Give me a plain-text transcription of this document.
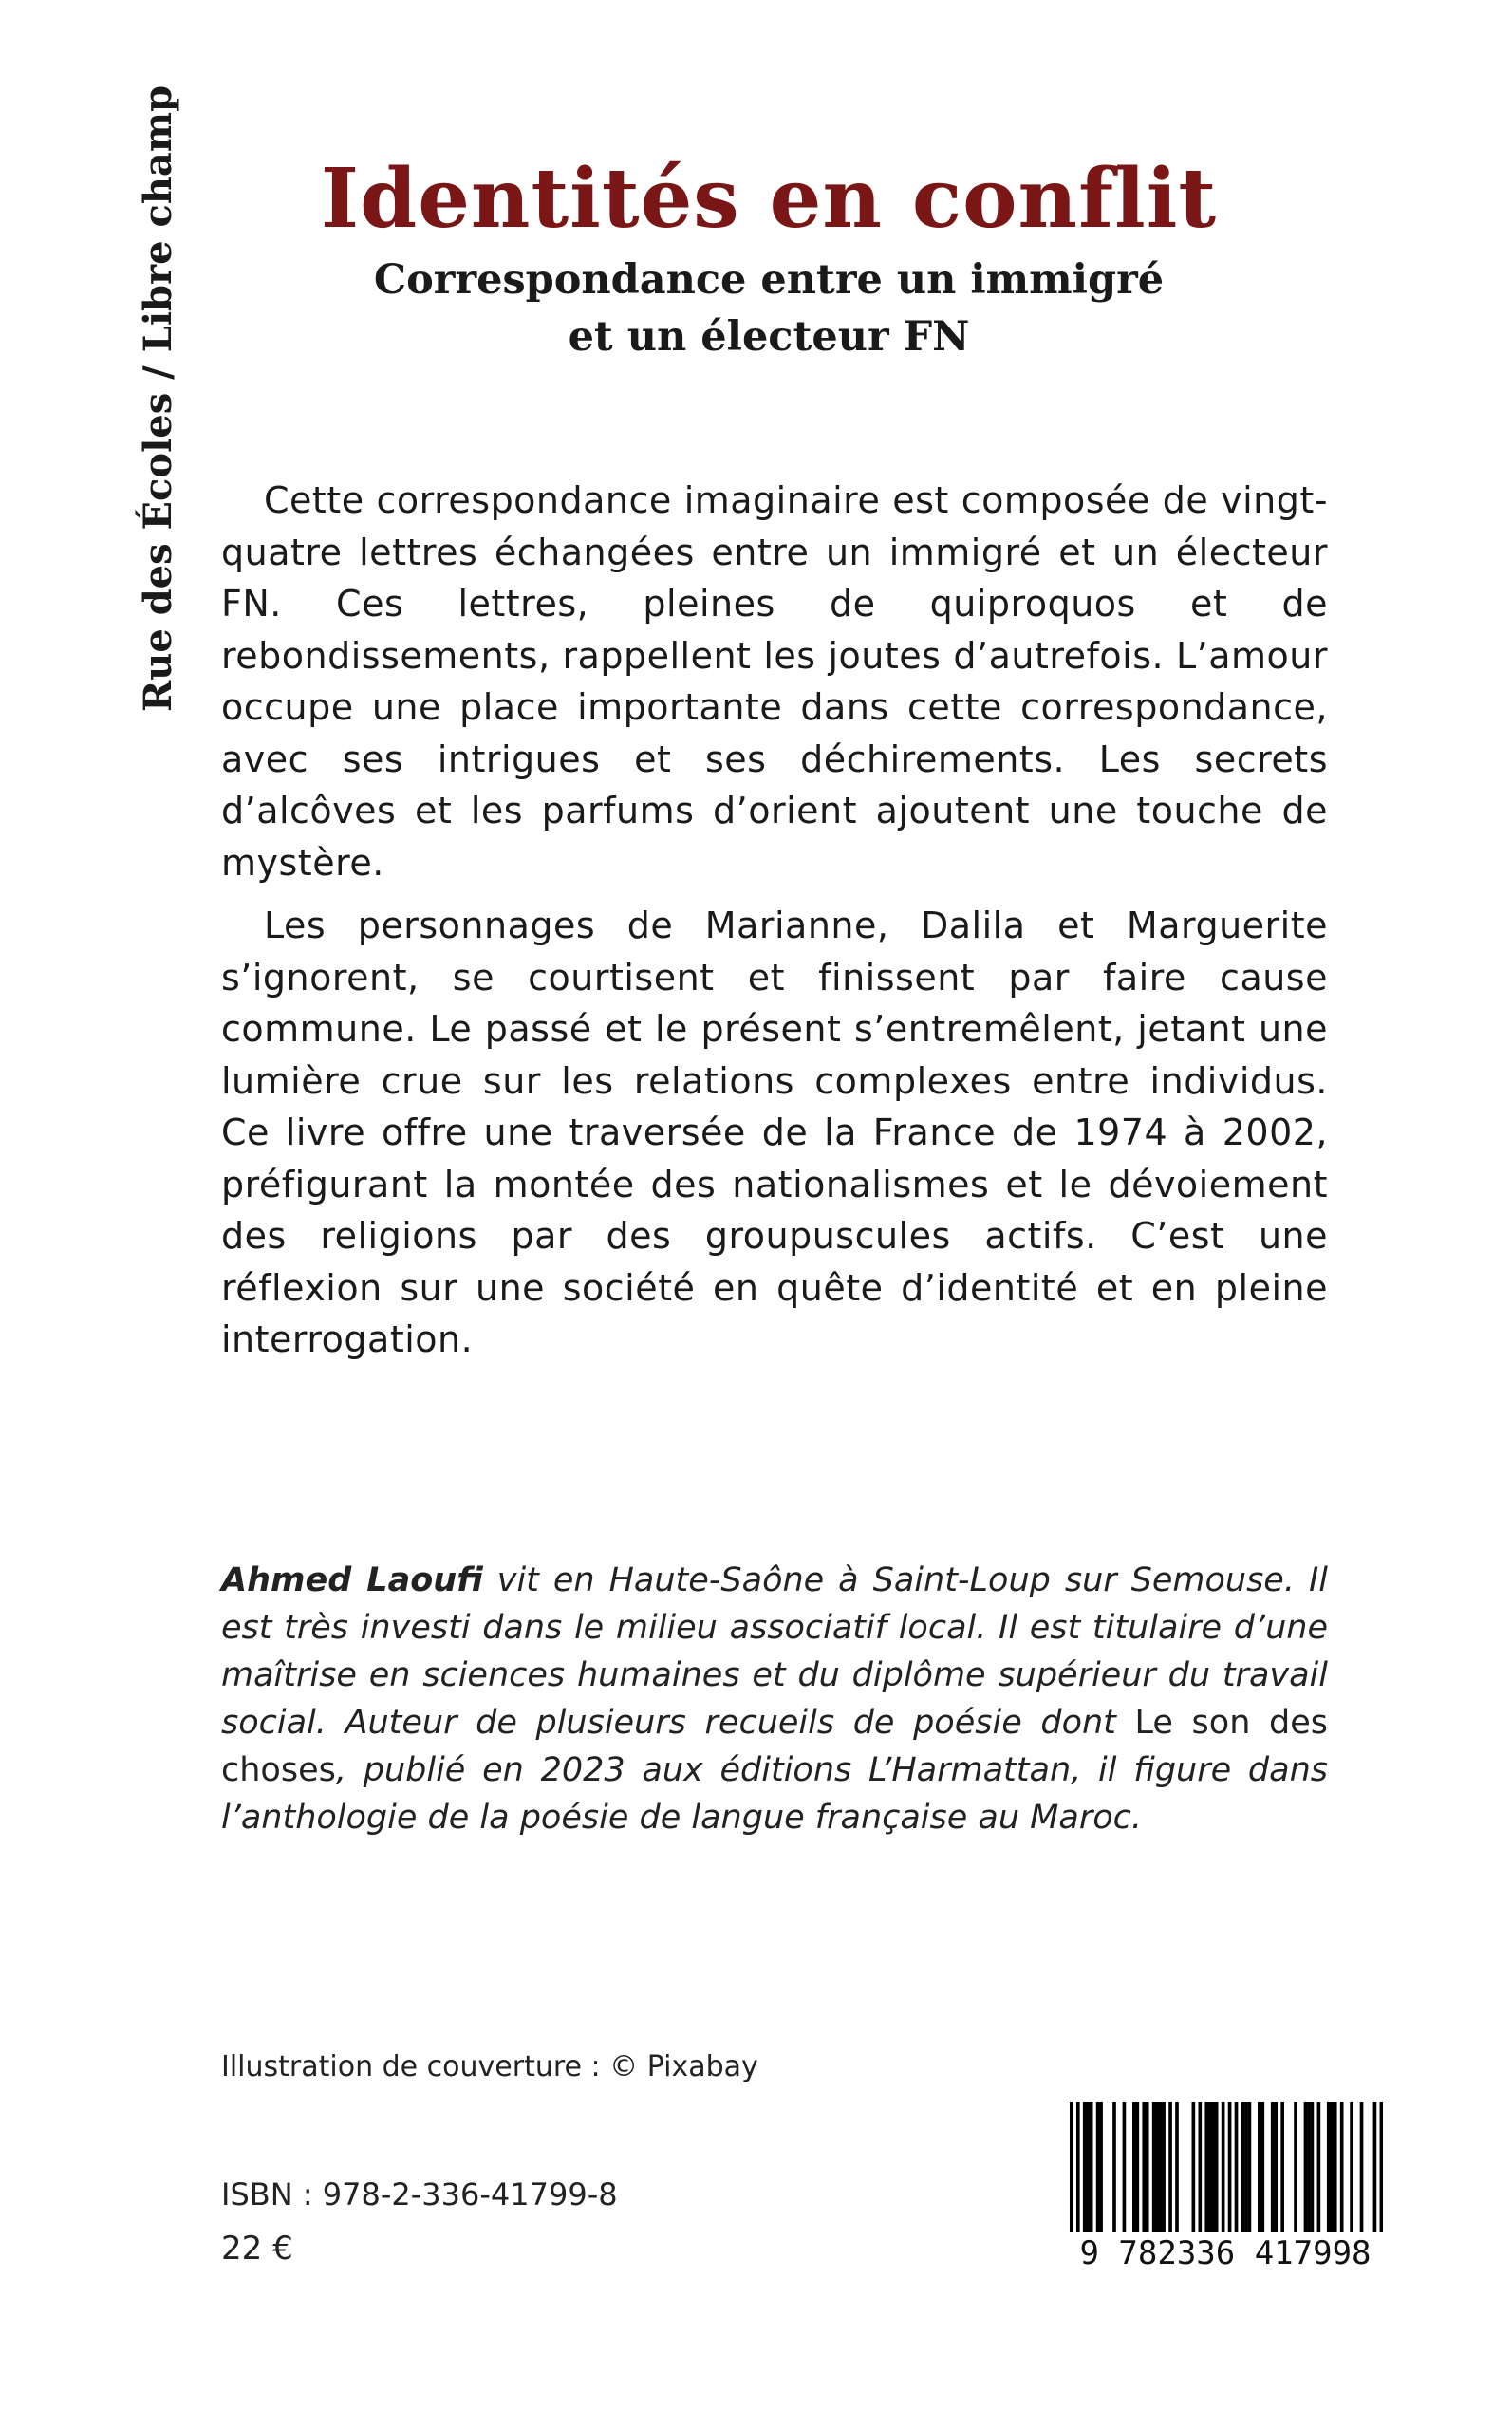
Rue des Écoles / Libre champ	Identités en conflit
Correspondance entre un immigré
et un électeur FN

Cette correspondance imaginaire est composée de vingt-quatre lettres échangées entre un immigré et un électeur FN. Ces lettres, pleines de quiproquos et de rebondissements, rappellent les joutes d’autrefois. L’amour occupe une place importante dans cette correspondance, avec ses intrigues et ses déchirements. Les secrets d’alcôves et les parfums d’orient ajoutent une touche de mystère.

Les personnages de Marianne, Dalila et Marguerite s’ignorent, se courtisent et finissent par faire cause commune. Le passé et le présent s’entremêlent, jetant une lumière crue sur les relations complexes entre individus. Ce livre offre une traversée de la France de 1974 à 2002, préfigurant la montée des nationalismes et le dévoiement des religions par des groupuscules actifs. C’est une réflexion sur une société en quête d’identité et en pleine interrogation.

Ahmed Laoufi vit en Haute-Saône à Saint-Loup sur Semouse. Il est très investi dans le milieu associatif local. Il est titulaire d’une maîtrise en sciences humaines et du diplôme supérieur du travail social. Auteur de plusieurs recueils de poésie dont Le son des choses, publié en 2023 aux éditions L’Harmattan, il figure dans l’anthologie de la poésie de langue française au Maroc.
Illustration de couverture : © Pixabay
ISBN : 978-2-336-41799-8
22 €	9 782336 417998
